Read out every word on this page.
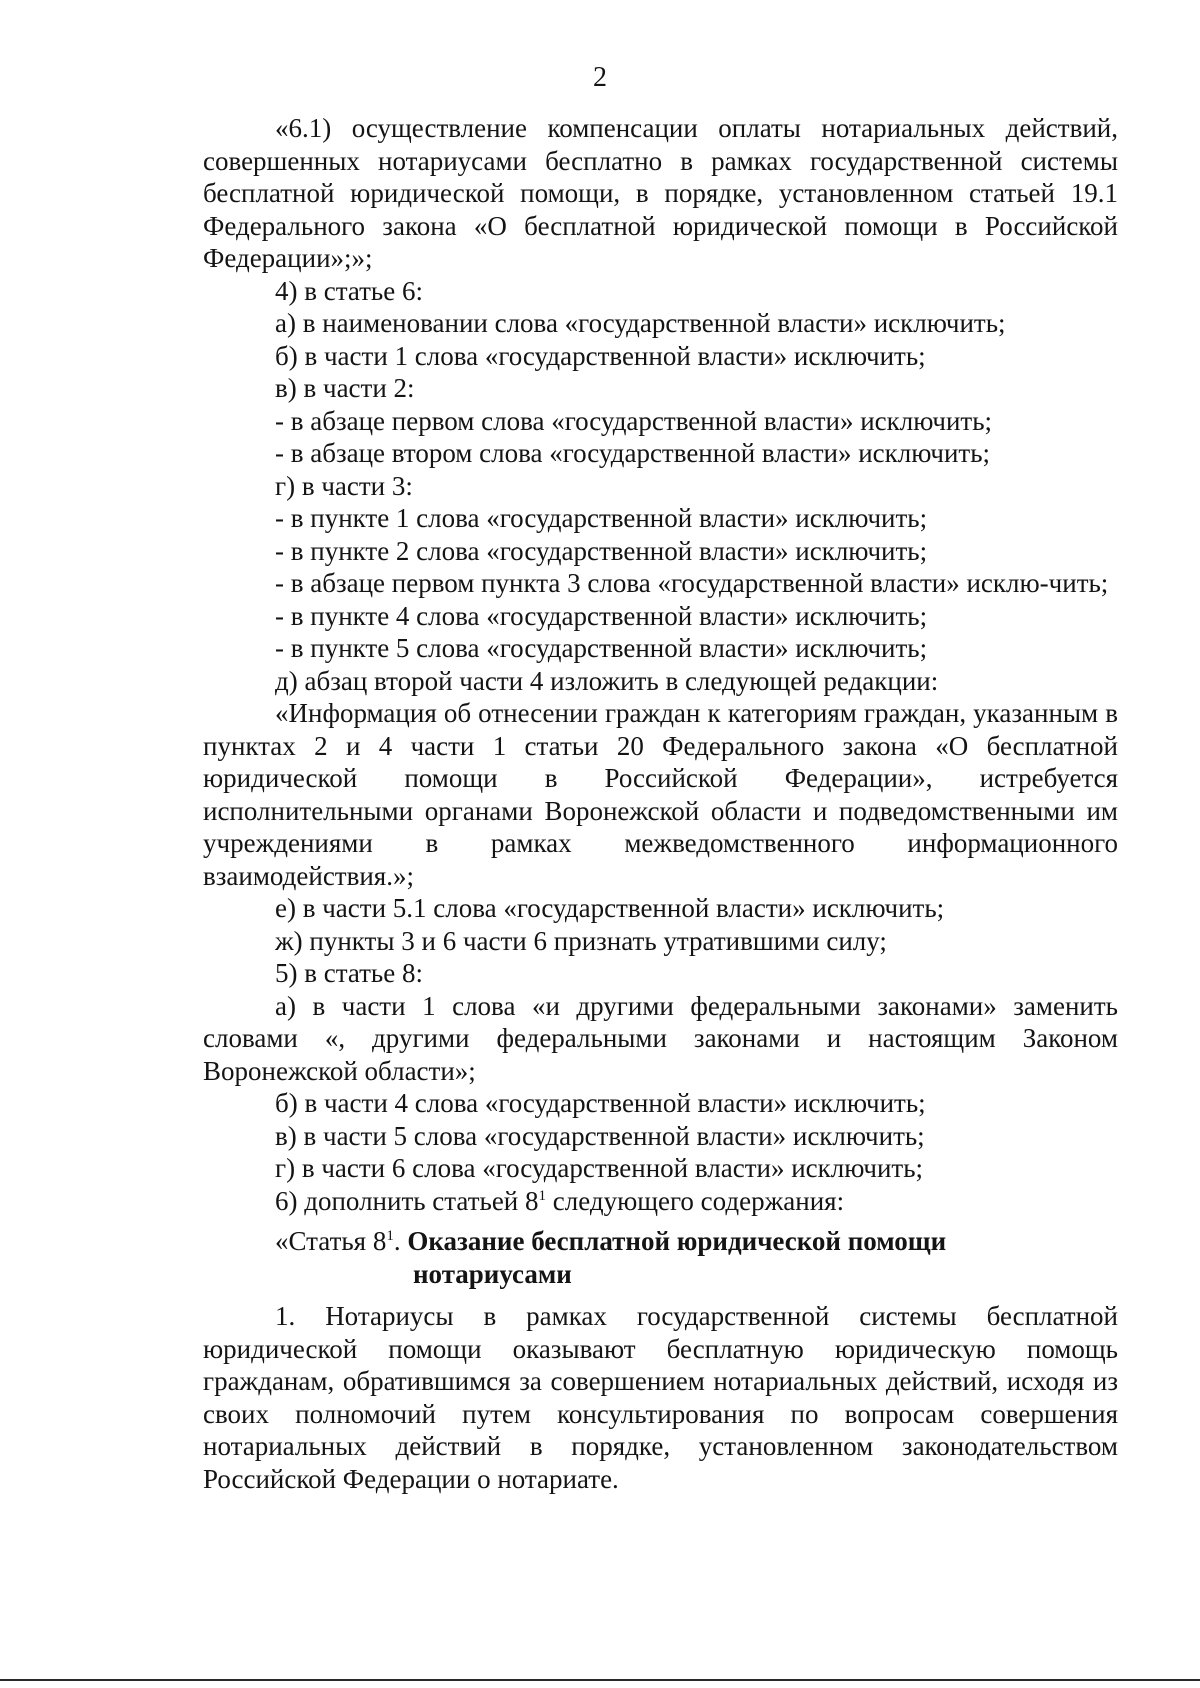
2

«6.1) осуществление компенсации оплаты нотариальных действий, совершенных нотариусами бесплатно в рамках государственной системы бесплатной юридической помощи, в порядке, установленном статьей 19.1 Федерального закона «О бесплатной юридической помощи в Российской Федерации»;»;

4) в статье 6:

а) в наименовании слова «государственной власти» исключить;

б) в части 1 слова «государственной власти» исключить;

в) в части 2:

- в абзаце первом слова «государственной власти» исключить;

- в абзаце втором слова «государственной власти» исключить;

г) в части 3:

- в пункте 1 слова «государственной власти» исключить;

- в пункте 2 слова «государственной власти» исключить;

- в абзаце первом пункта 3 слова «государственной власти» исклю-чить;

- в пункте 4 слова «государственной власти» исключить;

- в пункте 5 слова «государственной власти» исключить;

д) абзац второй части 4 изложить в следующей редакции:

«Информация об отнесении граждан к категориям граждан, указанным в пунктах 2 и 4 части 1 статьи 20 Федерального закона «О бесплатной юридической помощи в Российской Федерации», истребуется исполнительными органами Воронежской области и подведомственными им учреждениями в рамках межведомственного информационного взаимодействия.»;

е) в части 5.1 слова «государственной власти» исключить;

ж) пункты 3 и 6 части 6 признать утратившими силу;

5) в статье 8:

а) в части 1 слова «и другими федеральными законами» заменить словами «, другими федеральными законами и настоящим Законом Воронежской области»;

б) в части 4 слова «государственной власти» исключить;

в) в части 5 слова «государственной власти» исключить;

г) в части 6 слова «государственной власти» исключить;

6) дополнить статьей $8^1$ следующего содержания:

«Статья $8^1$. Оказание бесплатной юридической помощи
нотариусами

1. Нотариусы в рамках государственной системы бесплатной юридической помощи оказывают бесплатную юридическую помощь гражданам, обратившимся за совершением нотариальных действий, исходя из своих полномочий путем консультирования по вопросам совершения нотариальных действий в порядке, установленном законодательством Российской Федерации о нотариате.
